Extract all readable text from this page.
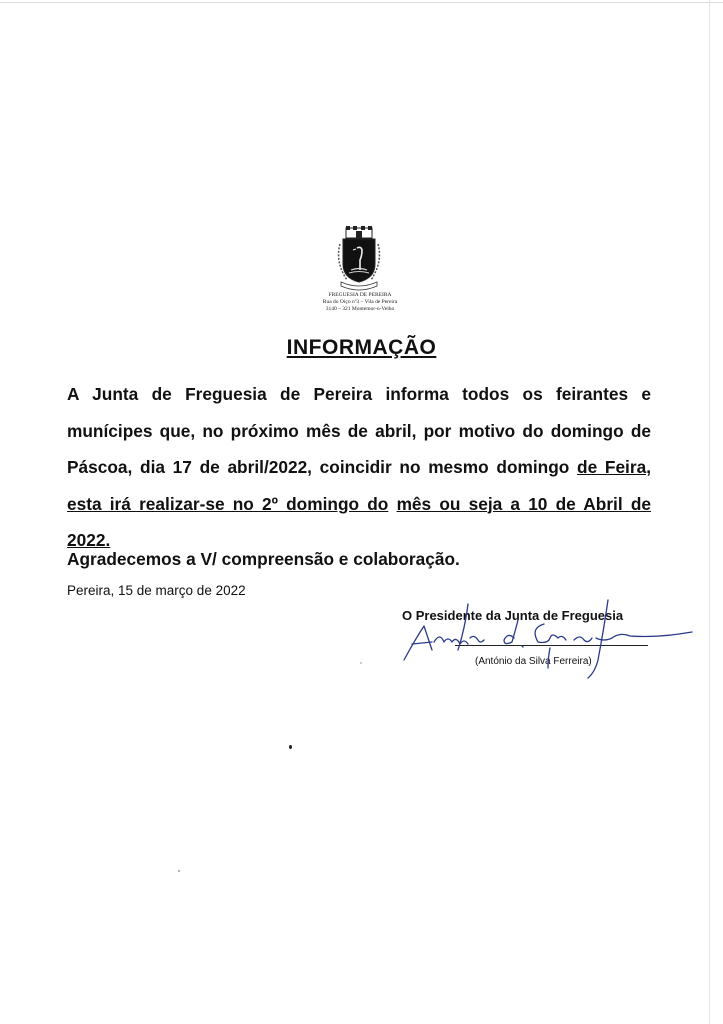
FREGUESIA DE PEREIRA
Rua do Oiço nº3 – Vila de Pereira
3140 – 321 Montemor-o-Velho
INFORMAÇÃO
A Junta de Freguesia de Pereira informa todos os feirantes e munícipes que, no próximo mês de abril, por motivo do domingo de Páscoa, dia 17 de abril/2022, coincidir no mesmo domingo de Feira, esta irá realizar-se no 2º domingo do mês ou seja a 10 de Abril de 2022.
Agradecemos a V/ compreensão e colaboração.
Pereira, 15 de março de 2022
O Presidente da Junta de Freguesia
(António da Silva Ferreira)
